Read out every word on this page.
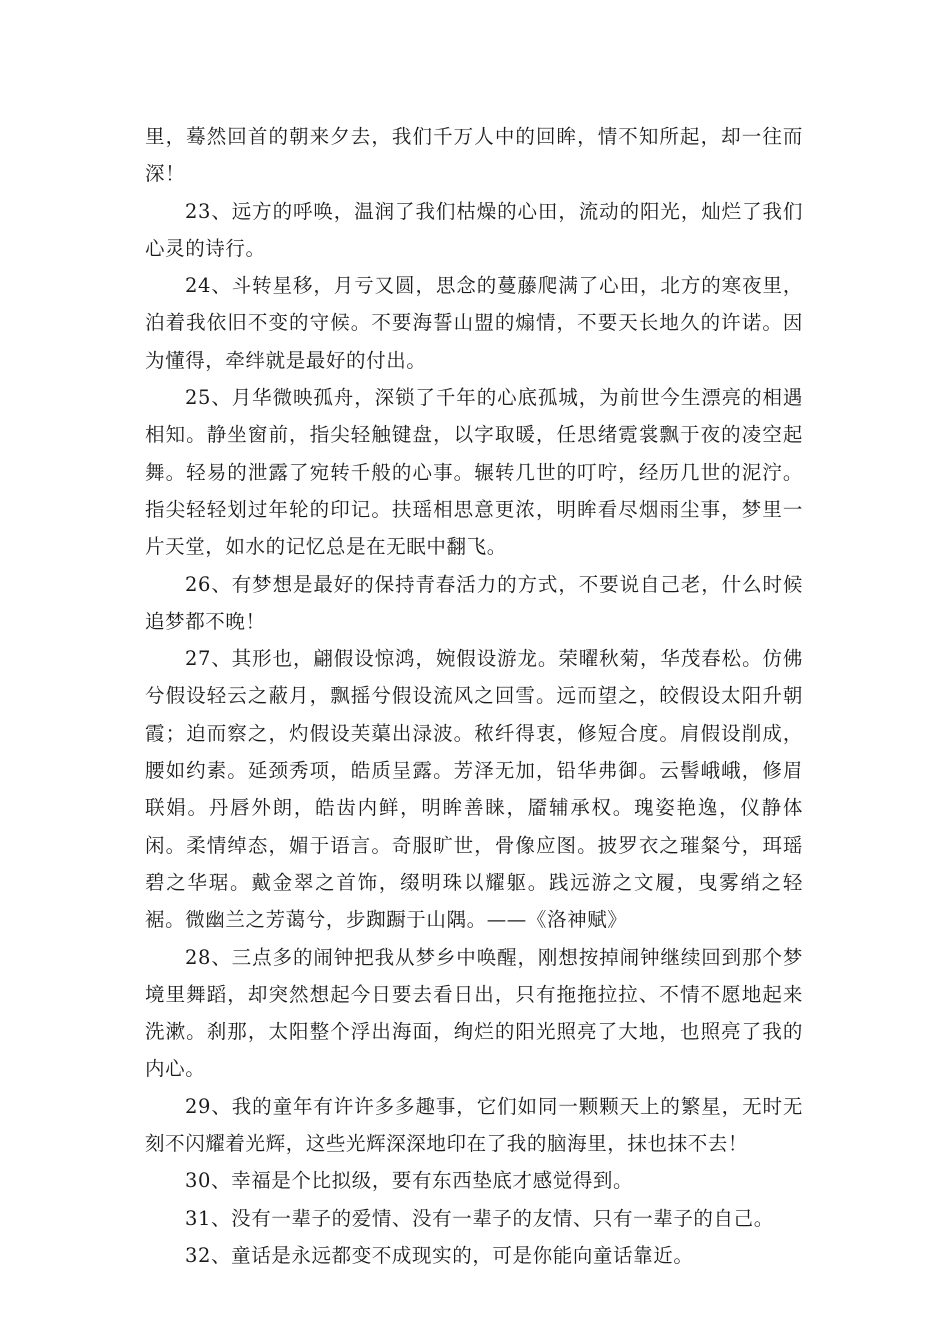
里，蓦然回首的朝来夕去，我们千万人中的回眸，情不知所起，却一往而深！

23、远方的呼唤，温润了我们枯燥的心田，流动的阳光，灿烂了我们心灵的诗行。

24、斗转星移，月亏又圆，思念的蔓藤爬满了心田，北方的寒夜里，泊着我依旧不变的守候。不要海誓山盟的煽情，不要天长地久的许诺。因为懂得，牵绊就是最好的付出。

25、月华微映孤舟，深锁了千年的心底孤城，为前世今生漂亮的相遇相知。静坐窗前，指尖轻触键盘，以字取暖，任思绪霓裳飘于夜的凌空起舞。轻易的泄露了宛转千般的心事。辗转几世的叮咛，经历几世的泥泞。指尖轻轻划过年轮的印记。扶瑶相思意更浓，明眸看尽烟雨尘事，梦里一片天堂，如水的记忆总是在无眠中翻飞。

26、有梦想是最好的保持青春活力的方式，不要说自己老，什么时候追梦都不晚！

27、其形也，翩假设惊鸿，婉假设游龙。荣曜秋菊，华茂春松。仿佛兮假设轻云之蔽月，飘摇兮假设流风之回雪。远而望之，皎假设太阳升朝霞；迫而察之，灼假设芙蕖出渌波。秾纤得衷，修短合度。肩假设削成，腰如约素。延颈秀项，皓质呈露。芳泽无加，铅华弗御。云髻峨峨，修眉联娟。丹唇外朗，皓齿内鲜，明眸善睐，靥辅承权。瑰姿艳逸，仪静体闲。柔情绰态，媚于语言。奇服旷世，骨像应图。披罗衣之璀粲兮，珥瑶碧之华琚。戴金翠之首饰，缀明珠以耀躯。践远游之文履，曳雾绡之轻裾。微幽兰之芳蔼兮，步踟蹰于山隅。——《洛神赋》

28、三点多的闹钟把我从梦乡中唤醒，刚想按掉闹钟继续回到那个梦境里舞蹈，却突然想起今日要去看日出，只有拖拖拉拉、不情不愿地起来洗漱。刹那，太阳整个浮出海面，绚烂的阳光照亮了大地，也照亮了我的内心。

29、我的童年有许许多多趣事，它们如同一颗颗天上的繁星，无时无刻不闪耀着光辉，这些光辉深深地印在了我的脑海里，抹也抹不去！

30、幸福是个比拟级，要有东西垫底才感觉得到。

31、没有一辈子的爱情、没有一辈子的友情、只有一辈子的自己。

32、童话是永远都变不成现实的，可是你能向童话靠近。
